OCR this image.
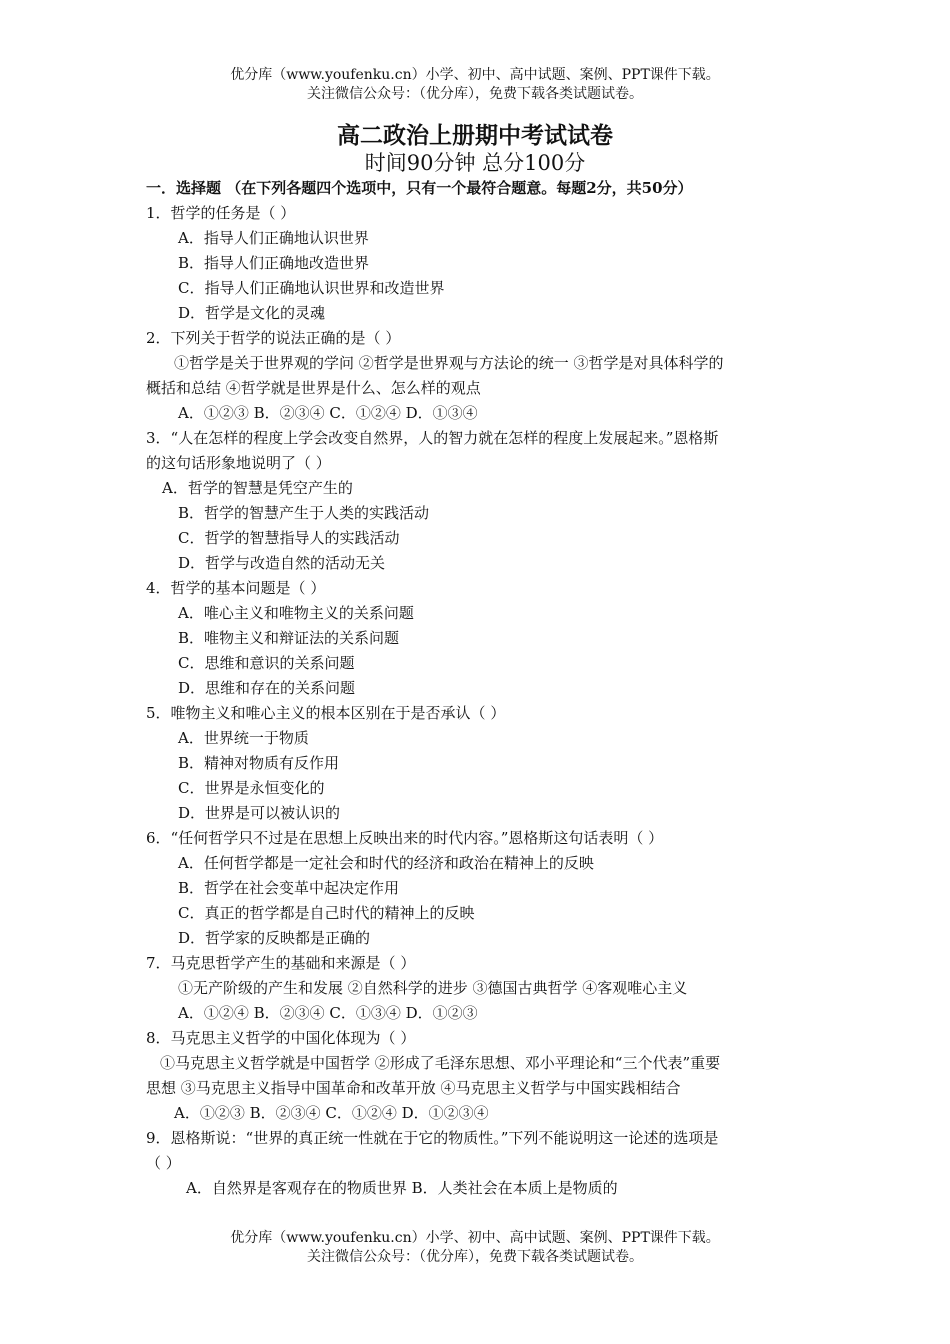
优分库（www.youfenku.cn）小学、初中、高中试题、案例、PPT课件下载。
关注微信公众号：（优分库），免费下载各类试题试卷。
高二政治上册期中考试试卷
时间90分钟 总分100分
一．选择题 （在下列各题四个选项中，只有一个最符合题意。每题2分，共50分）
1．哲学的任务是（ ）
A．指导人们正确地认识世界
B．指导人们正确地改造世界
C．指导人们正确地认识世界和改造世界
D．哲学是文化的灵魂
2．下列关于哲学的说法正确的是（ ）
①哲学是关于世界观的学问 ②哲学是世界观与方法论的统一 ③哲学是对具体科学的
概括和总结 ④哲学就是世界是什么、怎么样的观点
A．①②③ B．②③④ C．①②④ D．①③④
3．“人在怎样的程度上学会改变自然界，人的智力就在怎样的程度上发展起来。”恩格斯
的这句话形象地说明了（ ）
A．哲学的智慧是凭空产生的
B．哲学的智慧产生于人类的实践活动
C．哲学的智慧指导人的实践活动
D．哲学与改造自然的活动无关
4．哲学的基本问题是（ ）
A．唯心主义和唯物主义的关系问题
B．唯物主义和辩证法的关系问题
C．思维和意识的关系问题
D．思维和存在的关系问题
5．唯物主义和唯心主义的根本区别在于是否承认（ ）
A．世界统一于物质
B．精神对物质有反作用
C．世界是永恒变化的
D．世界是可以被认识的
6．“任何哲学只不过是在思想上反映出来的时代内容。”恩格斯这句话表明（ ）
A．任何哲学都是一定社会和时代的经济和政治在精神上的反映
B．哲学在社会变革中起决定作用
C．真正的哲学都是自己时代的精神上的反映
D．哲学家的反映都是正确的
7．马克思哲学产生的基础和来源是（ ）
①无产阶级的产生和发展 ②自然科学的进步 ③德国古典哲学 ④客观唯心主义
A．①②④ B．②③④ C．①③④ D．①②③
8．马克思主义哲学的中国化体现为（ ）
①马克思主义哲学就是中国哲学 ②形成了毛泽东思想、邓小平理论和“三个代表”重要
思想 ③马克思主义指导中国革命和改革开放 ④马克思主义哲学与中国实践相结合
A．①②③ B．②③④ C．①②④ D．①②③④
9．恩格斯说：“世界的真正统一性就在于它的物质性。”下列不能说明这一论述的选项是
（ ）
A．自然界是客观存在的物质世界 B．人类社会在本质上是物质的
优分库（www.youfenku.cn）小学、初中、高中试题、案例、PPT课件下载。
关注微信公众号：（优分库），免费下载各类试题试卷。
